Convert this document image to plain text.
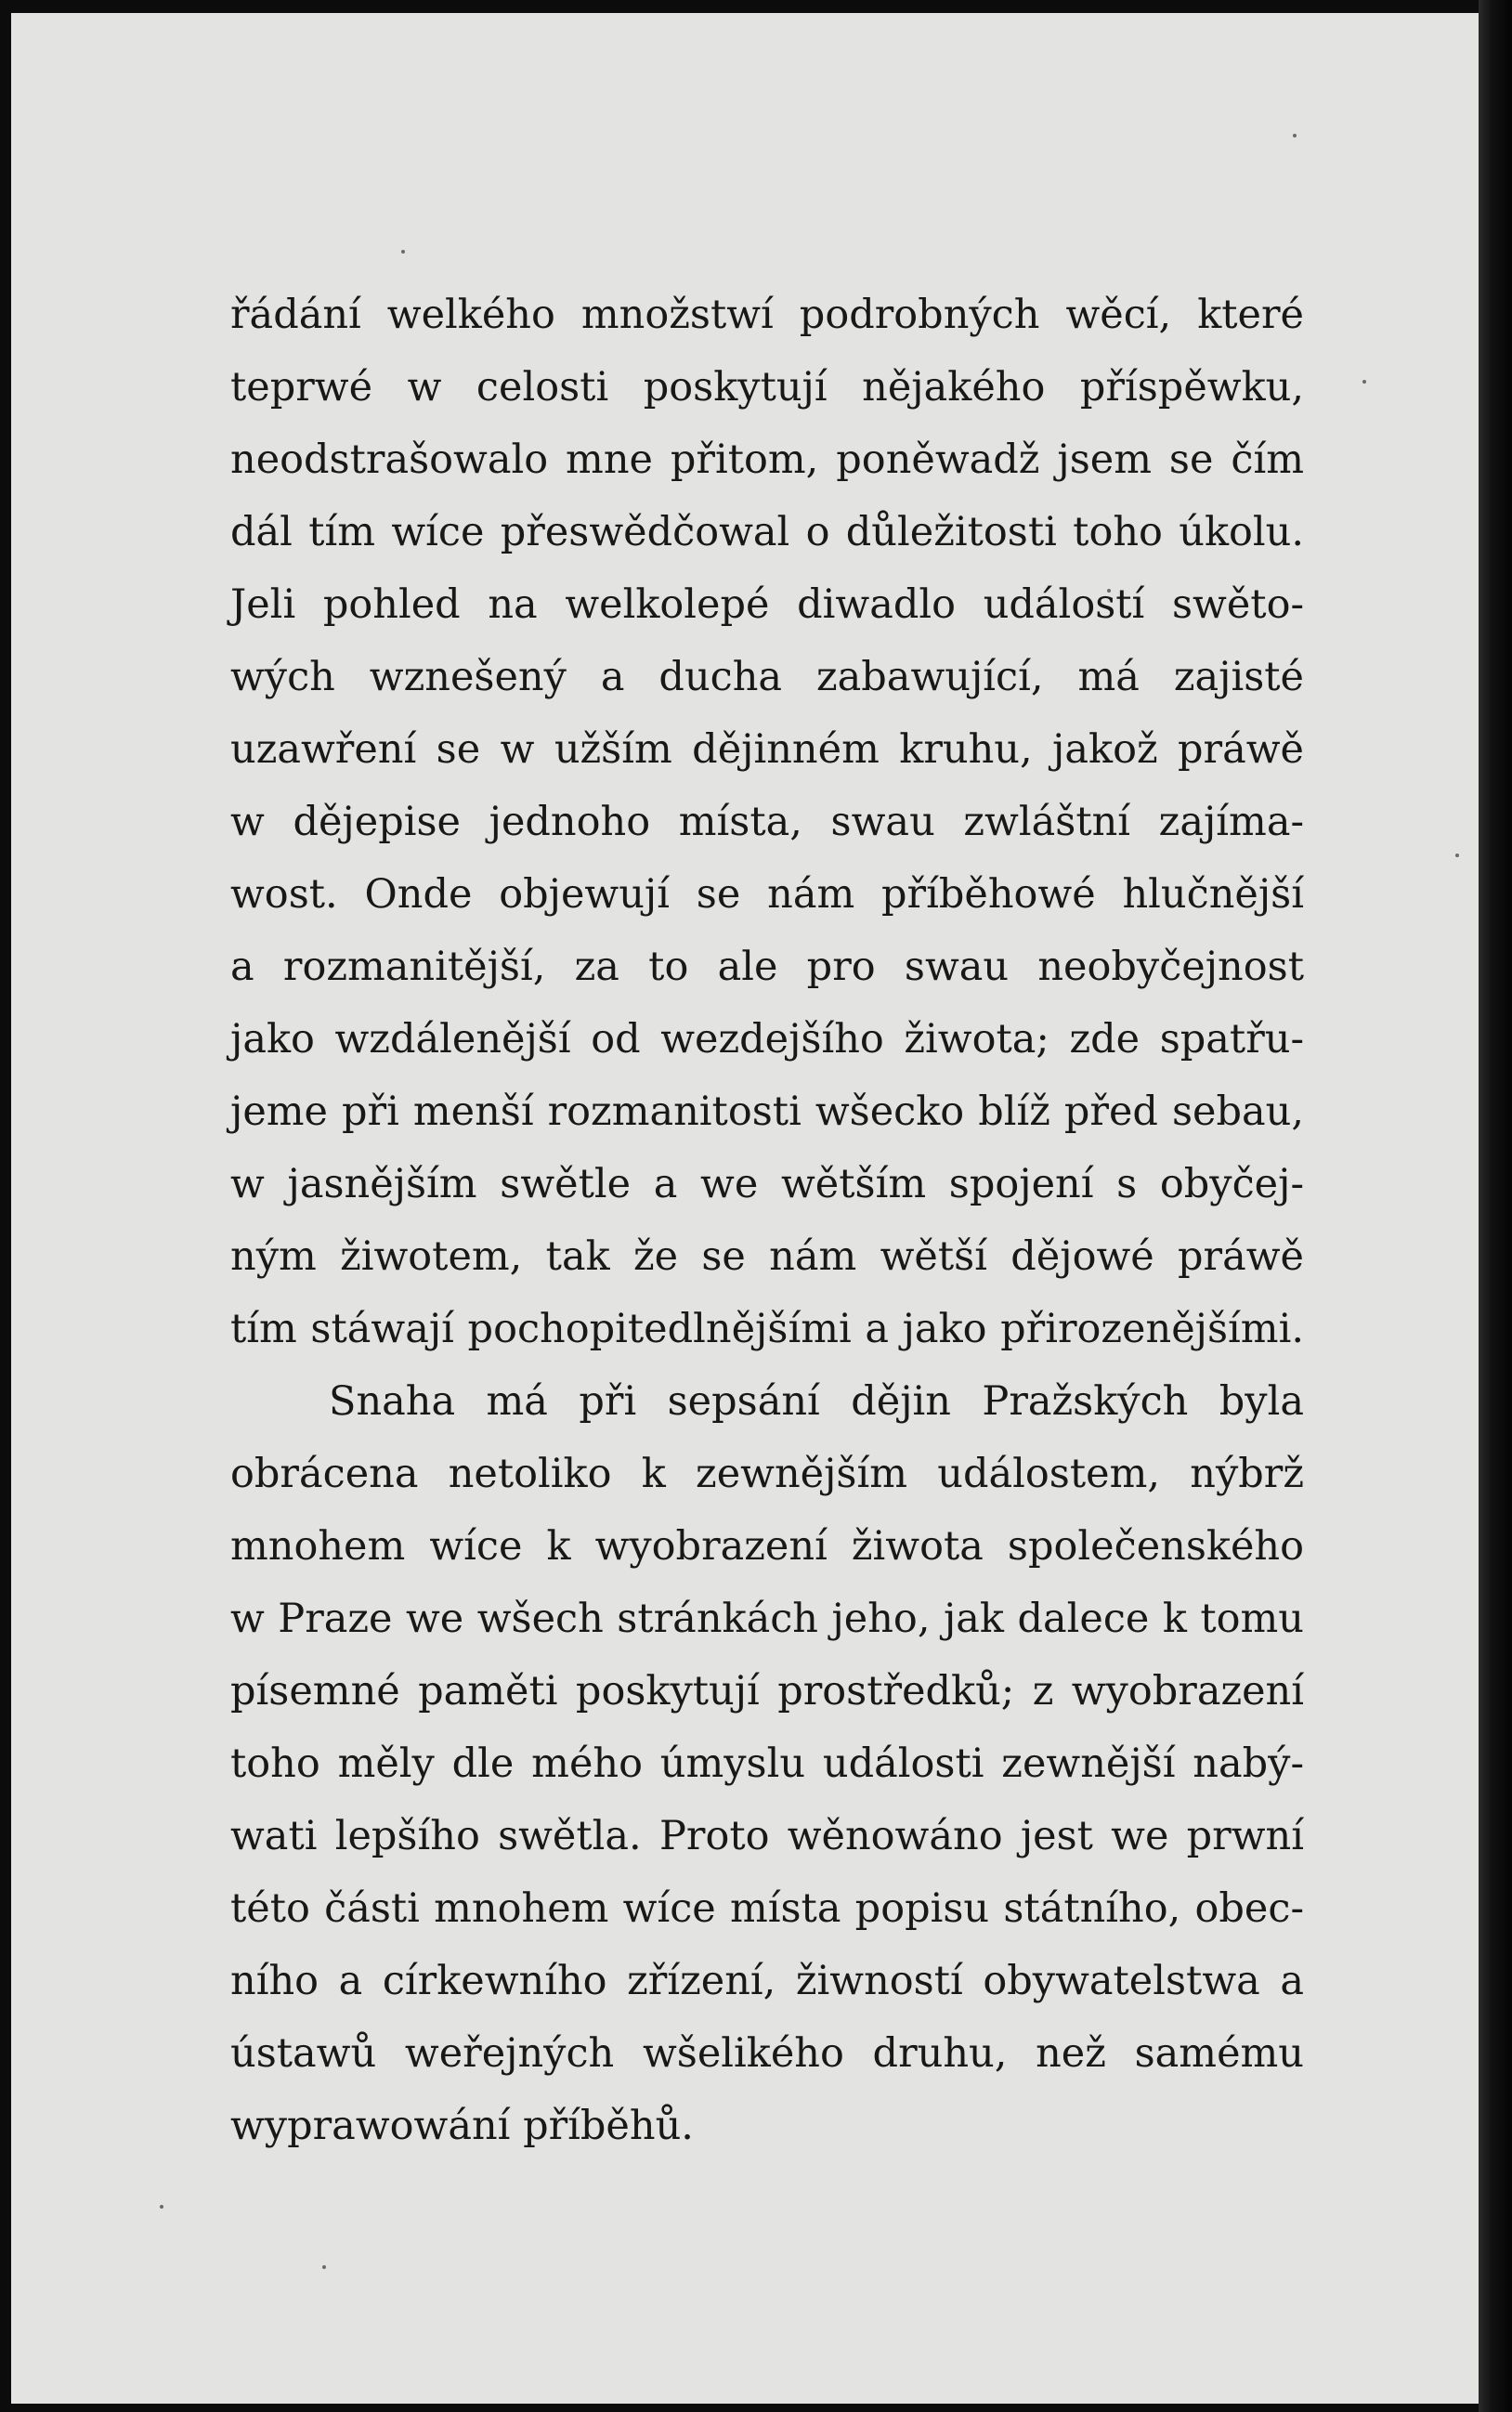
řádání welkého množstwí podrobných wěcí, které
teprwé w celosti poskytují nějakého příspěwku,
neodstrašowalo mne přitom, poněwadž jsem se čím
dál tím wíce přeswědčowal o důležitosti toho úkolu.
Jeli pohled na welkolepé diwadlo událostí swěto-
wých wznešený a ducha zabawující, má zajisté
uzawření se w užším dějinném kruhu, jakož práwě
w dějepise jednoho místa, swau zwláštní zajíma-
wost. Onde objewují se nám příběhowé hlučnější
a rozmanitější, za to ale pro swau neobyčejnost
jako wzdálenější od wezdejšího žiwota; zde spatřu-
jeme při menší rozmanitosti wšecko blíž před sebau,
w jasnějším swětle a we wětším spojení s obyčej-
ným žiwotem, tak že se nám wětší dějowé práwě
tím stáwají pochopitedlnějšími a jako přirozenějšími.
Snaha má při sepsání dějin Pražských byla
obrácena netoliko k zewnějším událostem, nýbrž
mnohem wíce k wyobrazení žiwota společenského
w Praze we wšech stránkách jeho, jak dalece k tomu
písemné paměti poskytují prostředků; z wyobrazení
toho měly dle mého úmyslu události zewnější nabý-
wati lepšího swětla. Proto wěnowáno jest we prwní
této části mnohem wíce místa popisu státního, obec-
ního a církewního zřízení, žiwností obywatelstwa a
ústawů weřejných wšelikého druhu, než samému
wyprawowání příběhů.
